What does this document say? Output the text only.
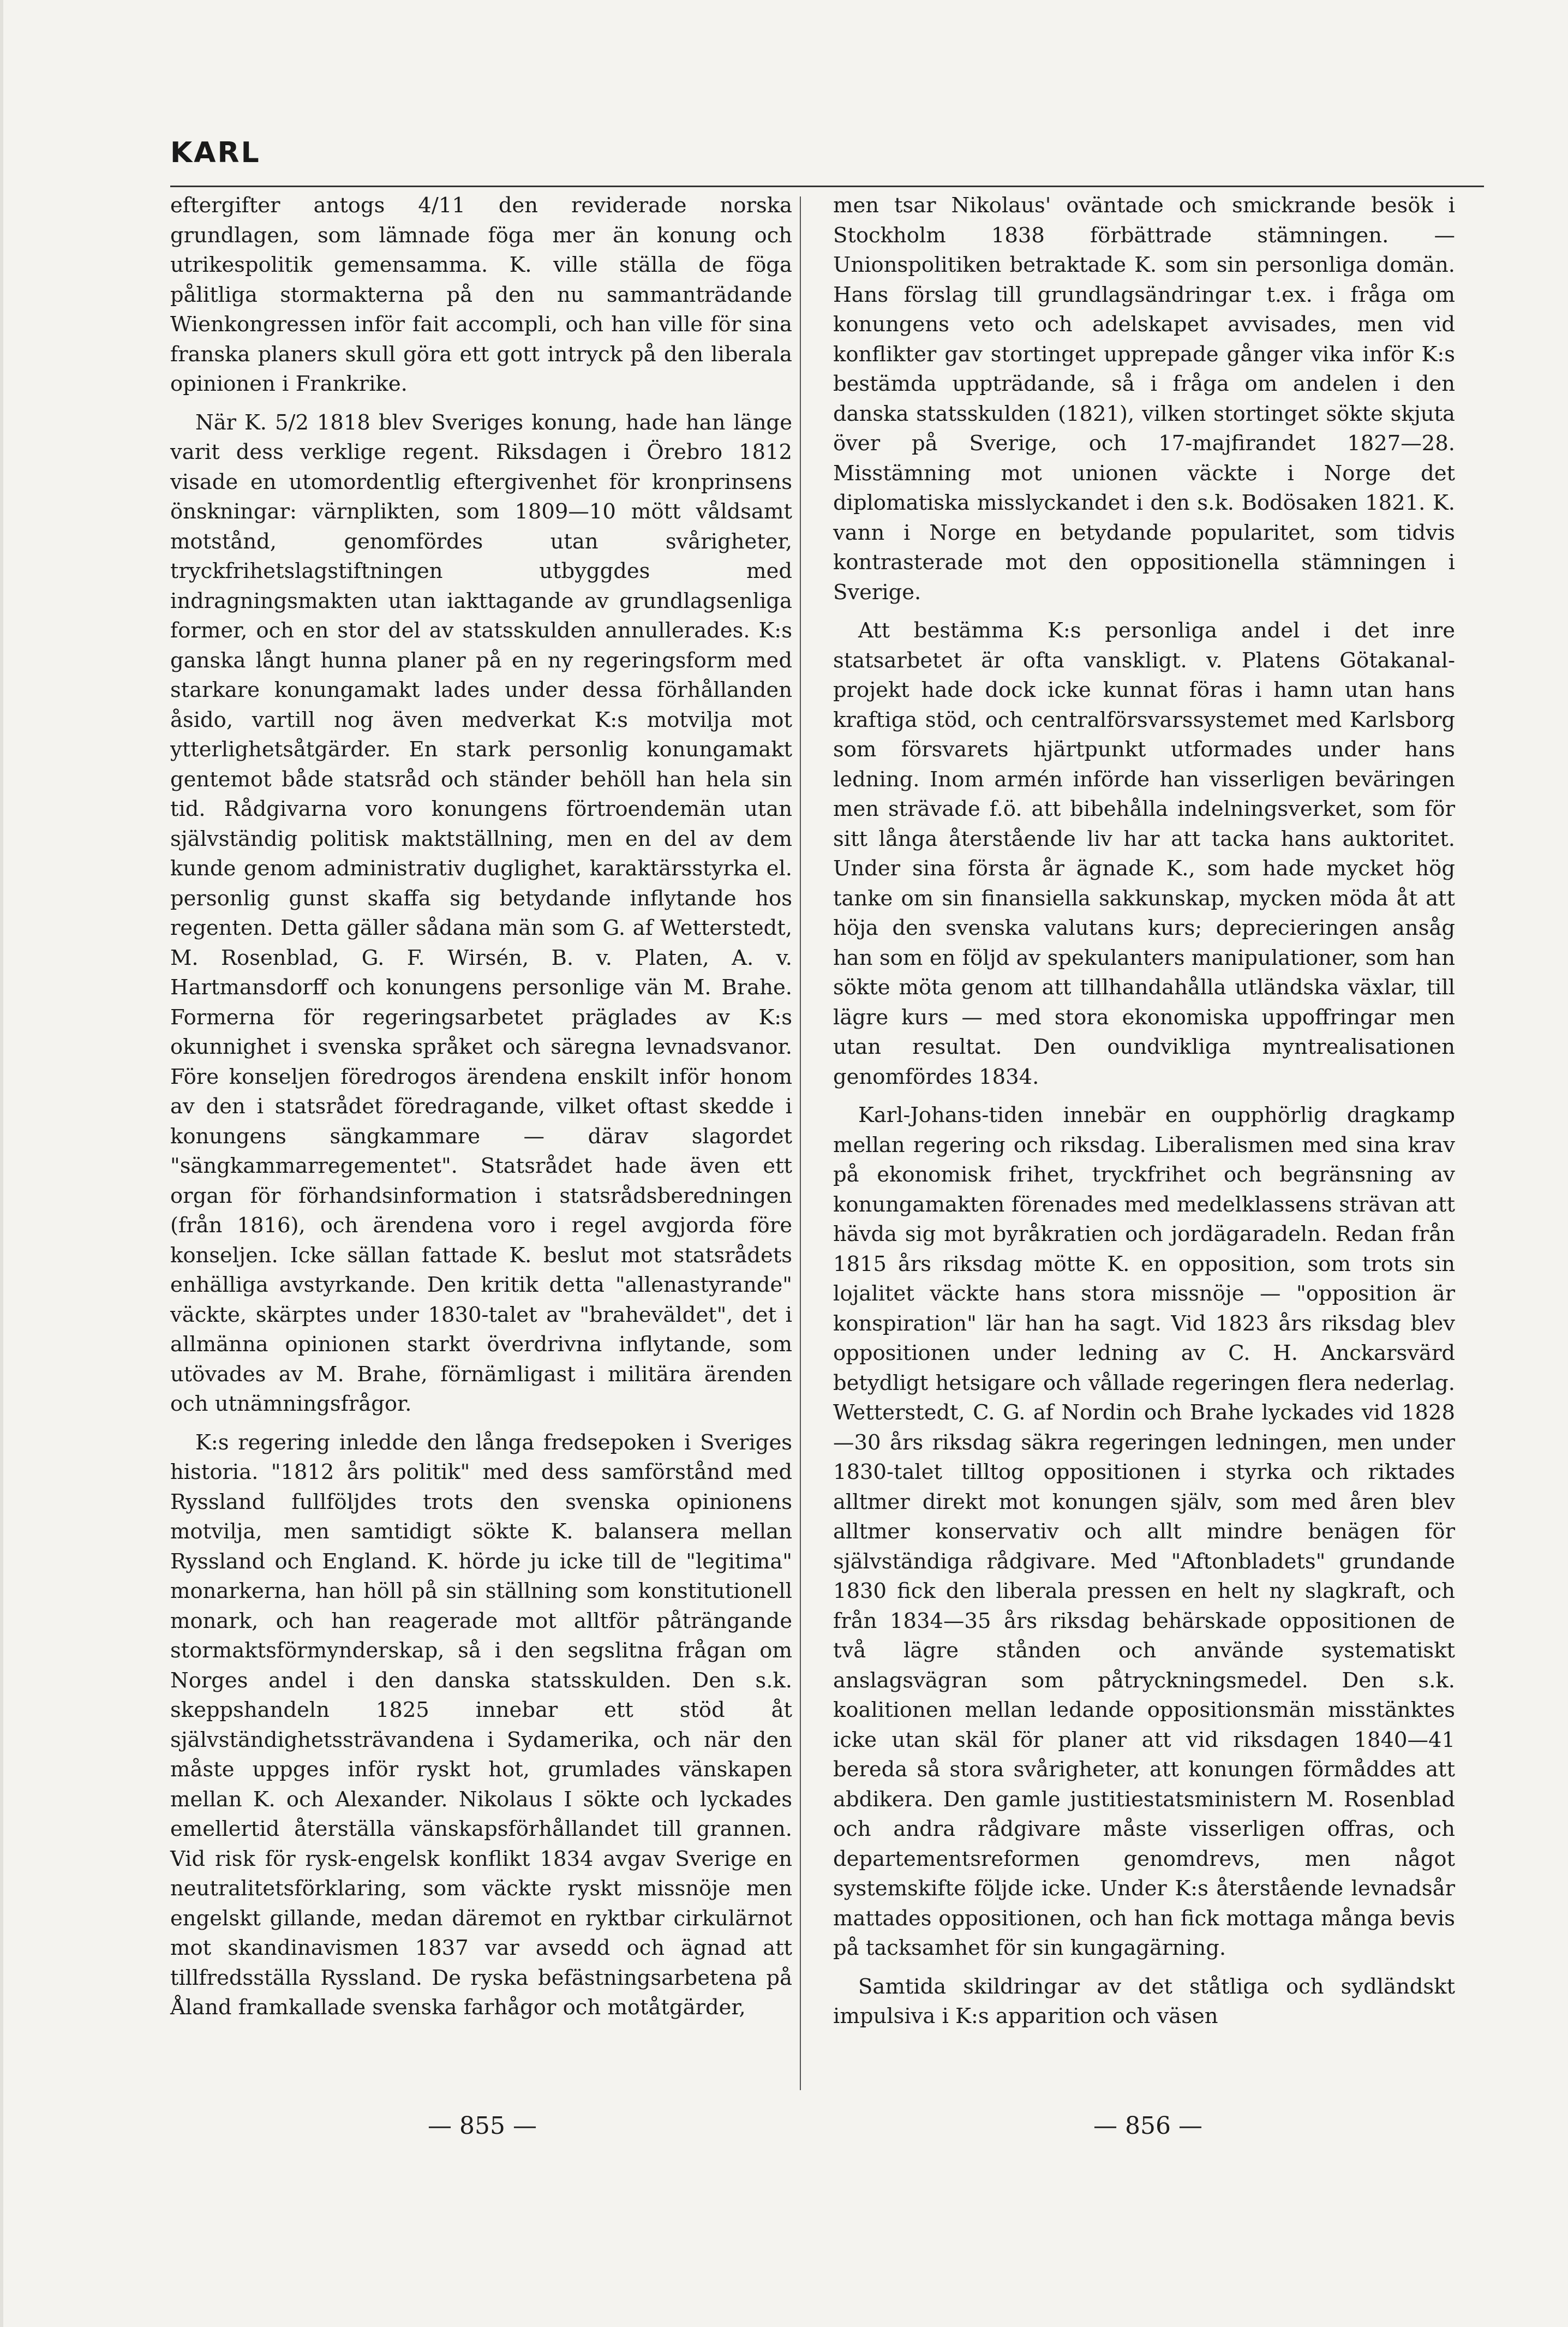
KARL

eftergifter antogs 4/11 den reviderade norska grundlagen, som lämnade föga mer än konung och utrikespolitik gemensamma. K. ville ställa de föga pålitliga stormakterna på den nu sammanträdande Wienkongressen inför fait accompli, och han ville för sina franska planers skull göra ett gott intryck på den liberala opinionen i Frankrike.

När K. 5/2 1818 blev Sveriges konung, hade han länge varit dess verklige regent. Riksdagen i Örebro 1812 visade en utomordentlig eftergivenhet för kronprinsens önskningar: värnplikten, som 1809—10 mött våldsamt motstånd, genomfördes utan svårigheter, tryckfrihetslagstiftningen utbyggdes med indragningsmakten utan iakttagande av grundlagsenliga former, och en stor del av statsskulden annullerades. K:s ganska långt hunna planer på en ny regeringsform med starkare konungamakt lades under dessa förhållanden åsido, vartill nog även medverkat K:s motvilja mot ytterlighetsåtgärder. En stark personlig konungamakt gentemot både statsråd och ständer behöll han hela sin tid. Rådgivarna voro konungens förtroendemän utan självständig politisk maktställning, men en del av dem kunde genom administrativ duglighet, karaktärsstyrka el. personlig gunst skaffa sig betydande inflytande hos regenten. Detta gäller sådana män som G. af Wetterstedt, M. Rosenblad, G. F. Wirsén, B. v. Platen, A. v. Hartmansdorff och konungens personlige vän M. Brahe. Formerna för regeringsarbetet präglades av K:s okunnighet i svenska språket och säregna levnadsvanor. Före konseljen föredrogos ärendena enskilt inför honom av den i statsrådet föredragande, vilket oftast skedde i konungens sängkammare — därav slagordet "sängkammarregementet". Statsrådet hade även ett organ för förhandsinformation i statsrådsberedningen (från 1816), och ärendena voro i regel avgjorda före konseljen. Icke sällan fattade K. beslut mot statsrådets enhälliga avstyrkande. Den kritik detta "allenastyrande" väckte, skärptes under 1830-talet av "braheväldet", det i allmänna opinionen starkt överdrivna inflytande, som utövades av M. Brahe, förnämligast i militära ärenden och utnämningsfrågor.

K:s regering inledde den långa fredsepoken i Sveriges historia. "1812 års politik" med dess samförstånd med Ryssland fullföljdes trots den svenska opinionens motvilja, men samtidigt sökte K. balansera mellan Ryssland och England. K. hörde ju icke till de "legitima" monarkerna, han höll på sin ställning som konstitutionell monark, och han reagerade mot alltför påträngande stormaktsförmynderskap, så i den segslitna frågan om Norges andel i den danska statsskulden. Den s.k. skeppshandeln 1825 innebar ett stöd åt självständighetssträvandena i Sydamerika, och när den måste uppges inför ryskt hot, grumlades vänskapen mellan K. och Alexander. Nikolaus I sökte och lyckades emellertid återställa vänskapsförhållandet till grannen. Vid risk för rysk-engelsk konflikt 1834 avgav Sverige en neutralitetsförklaring, som väckte ryskt missnöje men engelskt gillande, medan däremot en ryktbar cirkulärnot mot skandinavismen 1837 var avsedd och ägnad att tillfredsställa Ryssland. De ryska befästningsarbetena på Åland framkallade svenska farhågor och motåtgärder,

men tsar Nikolaus' oväntade och smickrande besök i Stockholm 1838 förbättrade stämningen. — Unionspolitiken betraktade K. som sin personliga domän. Hans förslag till grundlagsändringar t.ex. i fråga om konungens veto och adelskapet avvisades, men vid konflikter gav stortinget upprepade gånger vika inför K:s bestämda uppträdande, så i fråga om andelen i den danska statsskulden (1821), vilken stortinget sökte skjuta över på Sverige, och 17-majfirandet 1827—28. Misstämning mot unionen väckte i Norge det diplomatiska misslyckandet i den s.k. Bodösaken 1821. K. vann i Norge en betydande popularitet, som tidvis kontrasterade mot den oppositionella stämningen i Sverige.

Att bestämma K:s personliga andel i det inre statsarbetet är ofta vanskligt. v. Platens Götakanal-projekt hade dock icke kunnat föras i hamn utan hans kraftiga stöd, och centralförsvarssystemet med Karlsborg som försvarets hjärtpunkt utformades under hans ledning. Inom armén införde han visserligen beväringen men strävade f.ö. att bibehålla indelningsverket, som för sitt långa återstående liv har att tacka hans auktoritet. Under sina första år ägnade K., som hade mycket hög tanke om sin finansiella sakkunskap, mycken möda åt att höja den svenska valutans kurs; deprecieringen ansåg han som en följd av spekulanters manipulationer, som han sökte möta genom att tillhandahålla utländska växlar, till lägre kurs — med stora ekonomiska uppoffringar men utan resultat. Den oundvikliga myntrealisationen genomfördes 1834.

Karl-Johans-tiden innebär en oupphörlig dragkamp mellan regering och riksdag. Liberalismen med sina krav på ekonomisk frihet, tryckfrihet och begränsning av konungamakten förenades med medelklassens strävan att hävda sig mot byråkratien och jordägaradeln. Redan från 1815 års riksdag mötte K. en opposition, som trots sin lojalitet väckte hans stora missnöje — "opposition är konspiration" lär han ha sagt. Vid 1823 års riksdag blev oppositionen under ledning av C. H. Anckarsvärd betydligt hetsigare och vållade regeringen flera nederlag. Wetterstedt, C. G. af Nordin och Brahe lyckades vid 1828—30 års riksdag säkra regeringen ledningen, men under 1830-talet tilltog oppositionen i styrka och riktades alltmer direkt mot konungen själv, som med åren blev alltmer konservativ och allt mindre benägen för självständiga rådgivare. Med "Aftonbladets" grundande 1830 fick den liberala pressen en helt ny slagkraft, och från 1834—35 års riksdag behärskade oppositionen de två lägre stånden och använde systematiskt anslagsvägran som påtryckningsmedel. Den s.k. koalitionen mellan ledande oppositionsmän misstänktes icke utan skäl för planer att vid riksdagen 1840—41 bereda så stora svårigheter, att konungen förmåddes att abdikera. Den gamle justitiestatsministern M. Rosenblad och andra rådgivare måste visserligen offras, och departementsreformen genomdrevs, men något systemskifte följde icke. Under K:s återstående levnadsår mattades oppositionen, och han fick mottaga många bevis på tacksamhet för sin kungagärning.

Samtida skildringar av det ståtliga och sydländskt impulsiva i K:s apparition och väsen

— 855 —	— 856 —
